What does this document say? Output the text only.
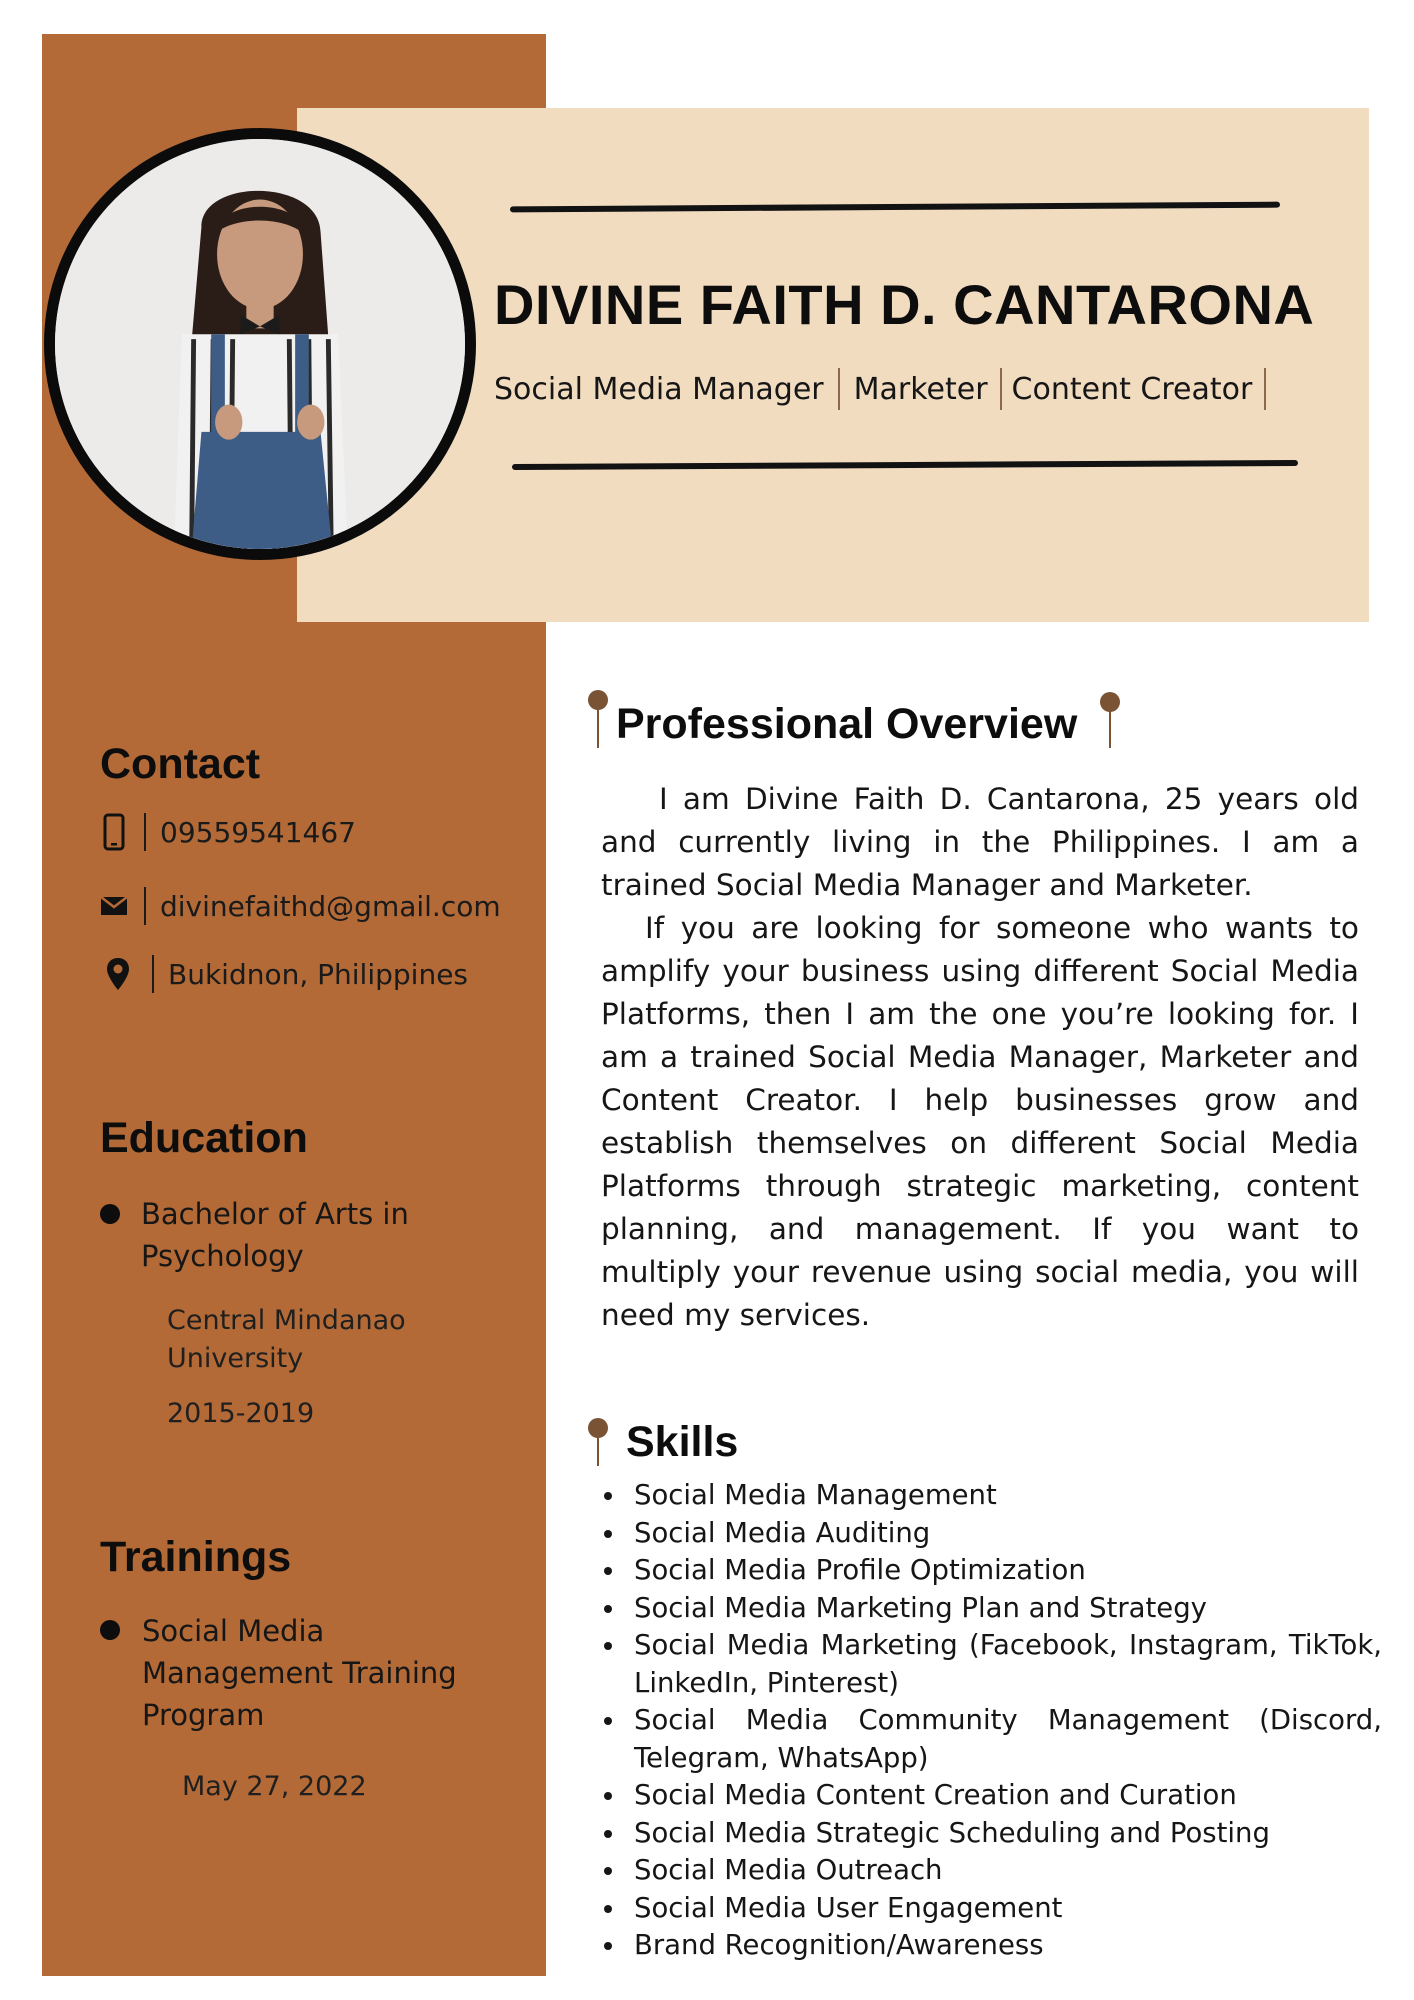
DIVINE FAITH D. CANTARONA
Social Media Manager Marketer Content Creator
Contact
09559541467
divinefaithd@gmail.com
Bukidnon, Philippines
Education
Bachelor of Arts in
Psychology
Central Mindanao
University
2015-2019
Trainings
Social Media
Management Training
Program
May 27, 2022
Professional Overview

I am Divine Faith D. Cantarona, 25 years old and currently living in the Philippines. I am a trained Social Media Manager and Marketer.

If you are looking for someone who wants to amplify your business using different Social Media Platforms, then I am the one you’re looking for. I am a trained Social Media Manager, Marketer and Content Creator. I help businesses grow and establish themselves on different Social Media Platforms through strategic marketing, content planning, and management. If you want to multiply your revenue using social media, you will need my services.

Skills
Social Media Management
Social Media Auditing
Social Media Profile Optimization
Social Media Marketing Plan and Strategy
Social Media Marketing (Facebook, Instagram, TikTok, LinkedIn, Pinterest)
Social Media Community Management (Discord, Telegram, WhatsApp)
Social Media Content Creation and Curation
Social Media Strategic Scheduling and Posting
Social Media Outreach
Social Media User Engagement
Brand Recognition/Awareness
